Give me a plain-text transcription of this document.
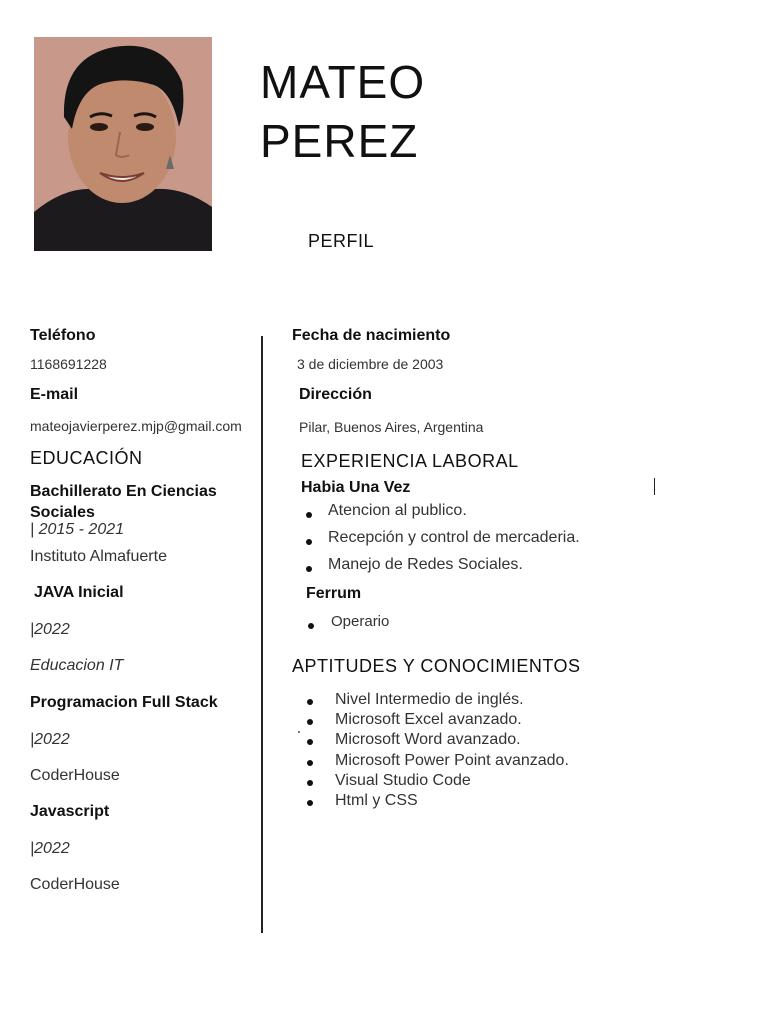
MATEO
PEREZ
PERFIL
Teléfono
1168691228
E-mail
mateojavierperez.mjp@gmail.com
EDUCACIÓN
Bachillerato En Ciencias
Sociales
| 2015 - 2021
Instituto Almafuerte
JAVA Inicial
|2022
Educacion IT
Programacion Full Stack
|2022
CoderHouse
Javascript
|2022
CoderHouse
Fecha de nacimiento
3 de diciembre de 2003
Dirección
Pilar, Buenos Aires, Argentina
EXPERIENCIA LABORAL
Habia Una Vez
Atencion al publico.
Recepción y control de mercaderia.
Manejo de Redes Sociales.
Ferrum
Operario
APTITUDES Y CONOCIMIENTOS
Nivel Intermedio de inglés.
Microsoft Excel avanzado.
Microsoft Word avanzado.
Microsoft Power Point avanzado.
Visual Studio Code
Html y CSS
